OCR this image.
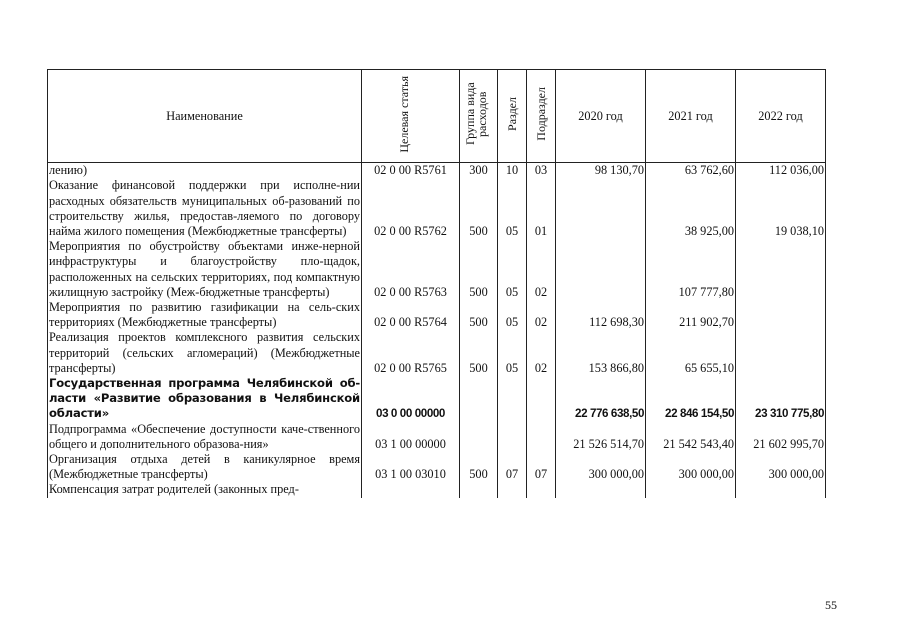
Наименование	Целевая статья	Группа вида расходов	Раздел	Подраздел	2020 год	2021 год	2022 год
лению)	02 0 00 R5761	300	10	03	98 130,70	63 762,60	112 036,00
Оказание финансовой поддержки при исполне-нии расходных обязательств муниципальных об-разований по строительству жилья, предостав-ляемого по договору найма жилого помещения (Межбюджетные трансферты)	02 0 00 R5762	500	05	01		38 925,00	19 038,10
Мероприятия по обустройству объектами инже-нерной инфраструктуры и благоустройству пло-щадок, расположенных на сельских территориях, под компактную жилищную застройку (Меж-бюджетные трансферты)	02 0 00 R5763	500	05	02		107 777,80	
Мероприятия по развитию газификации на сель-ских территориях (Межбюджетные трансферты)	02 0 00 R5764	500	05	02	112 698,30	211 902,70	
Реализация проектов комплексного развития сельских территорий (сельских агломераций) (Межбюджетные трансферты)	02 0 00 R5765	500	05	02	153 866,80	65 655,10	
Государственная программа Челябинской об-ласти «Развитие образования в Челябинской области»	03 0 00 00000				22 776 638,50	22 846 154,50	23 310 775,80
Подпрограмма «Обеспечение доступности каче-ственного общего и дополнительного образова-ния»	03 1 00 00000				21 526 514,70	21 542 543,40	21 602 995,70
Организация отдыха детей в каникулярное время (Межбюджетные трансферты)	03 1 00 03010	500	07	07	300 000,00	300 000,00	300 000,00
Компенсация затрат родителей (законных пред-							
55
